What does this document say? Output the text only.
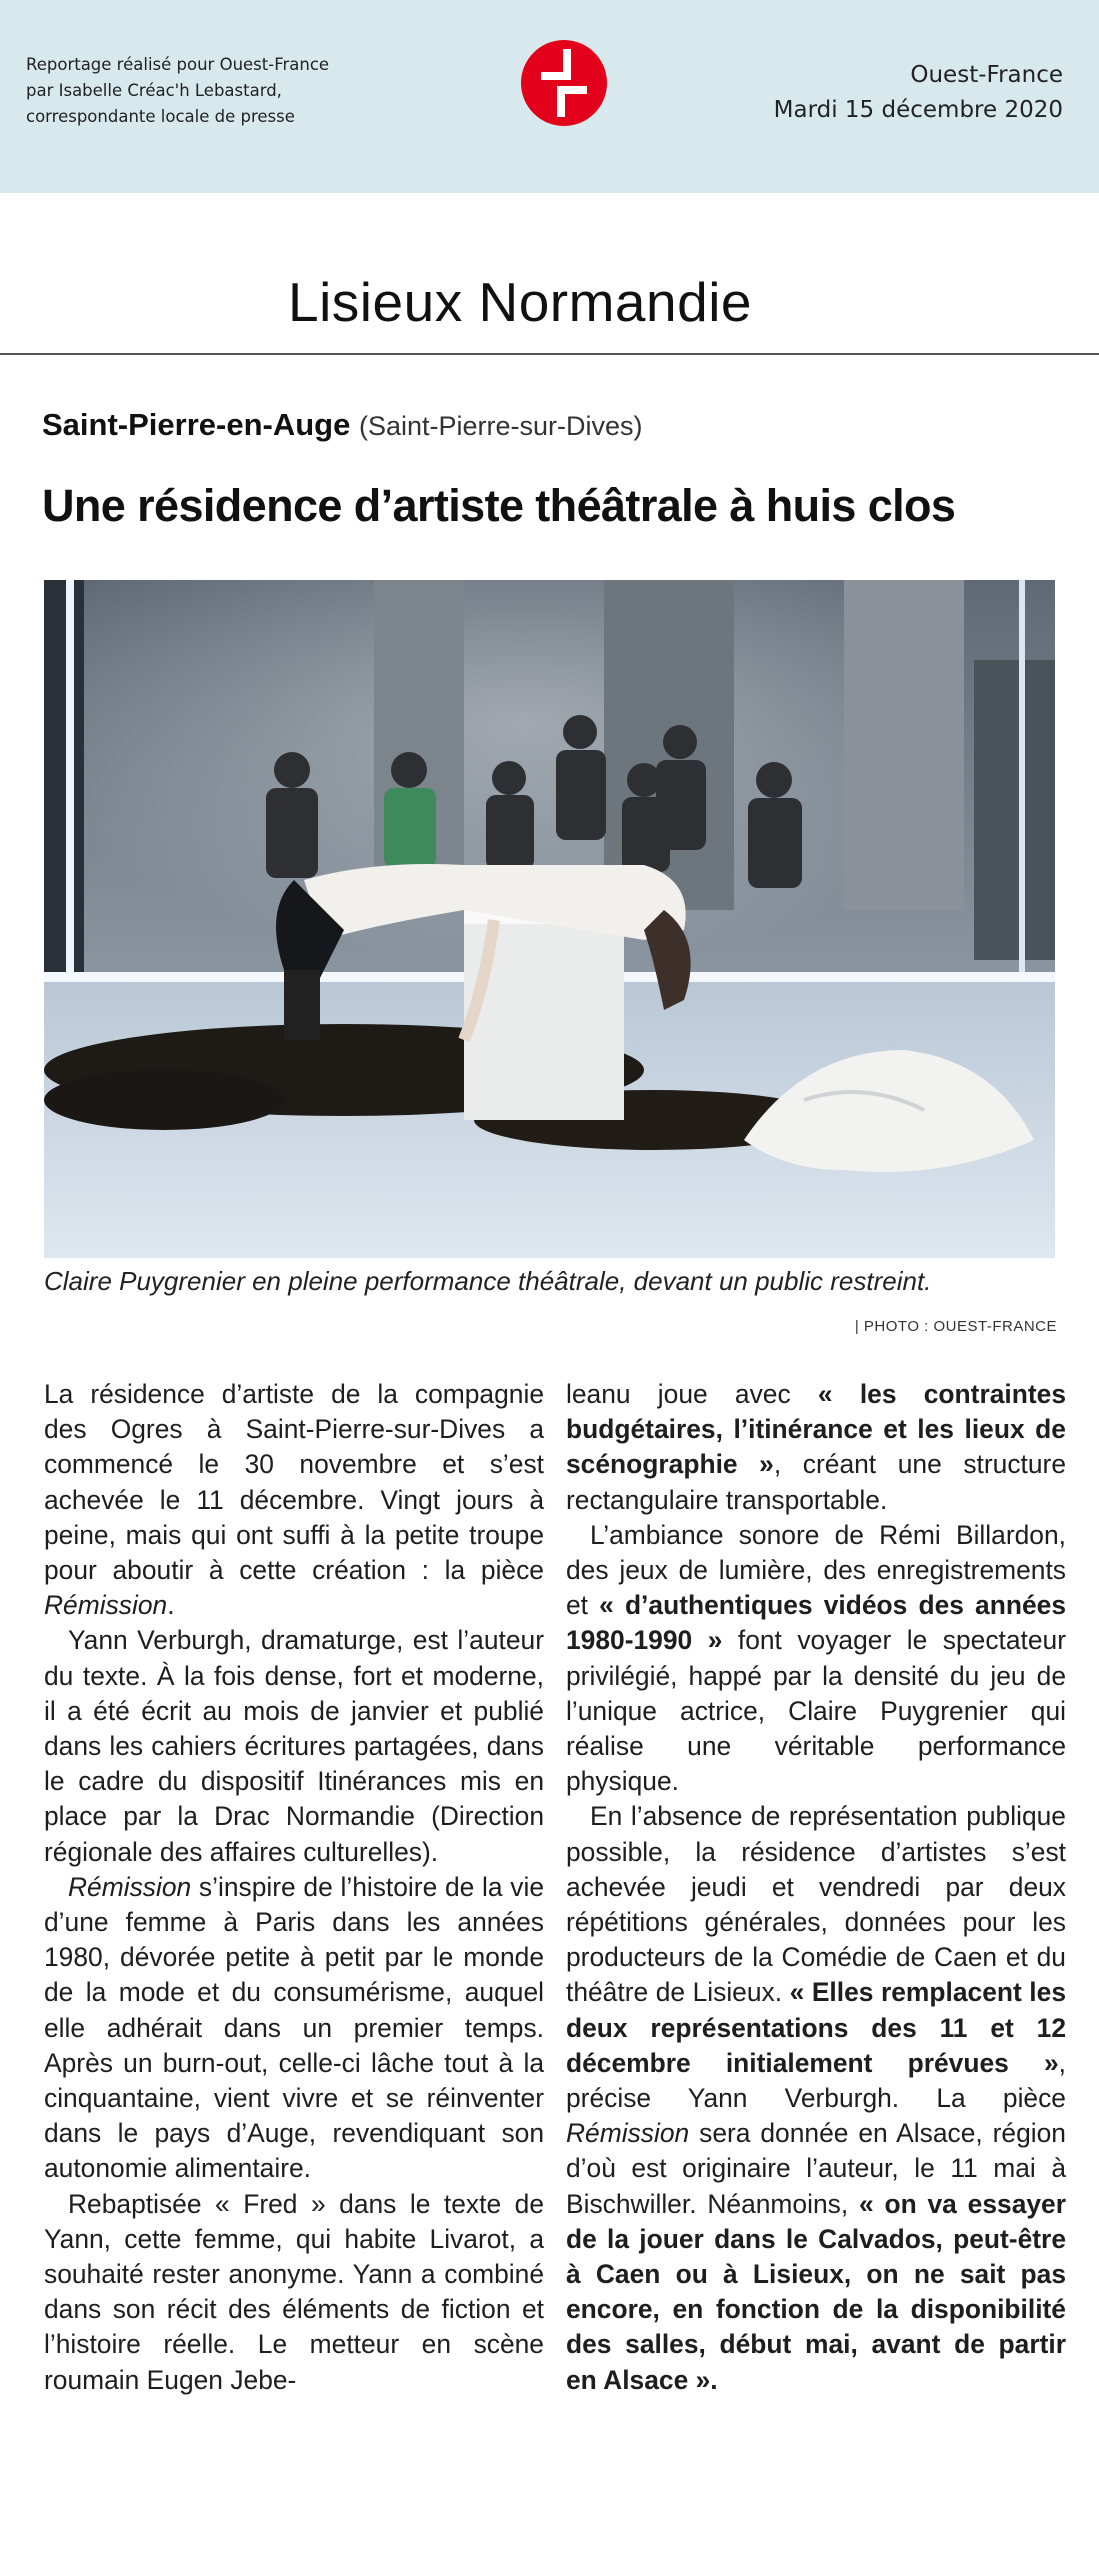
Reportage réalisé pour Ouest-France
par Isabelle Créac'h Lebastard,
correspondante locale de presse
Ouest-France
Mardi 15 décembre 2020
Lisieux Normandie
Saint-Pierre-en-Auge (Saint-Pierre-sur-Dives)
Une résidence d’artiste théâtrale à huis clos
Claire Puygrenier en pleine performance théâtrale, devant un public restreint.
| PHOTO : OUEST-FRANCE

La résidence d’artiste de la compagnie des Ogres à Saint-Pierre-sur-Dives a commencé le 30 novembre et s’est achevée le 11 décembre. Vingt jours à peine, mais qui ont suffi à la petite troupe pour aboutir à cette création : la pièce Rémission.

Yann Verburgh, dramaturge, est l’auteur du texte. À la fois dense, fort et moderne, il a été écrit au mois de janvier et publié dans les cahiers écritures partagées, dans le cadre du dispositif Itinérances mis en place par la Drac Normandie (Direction régionale des affaires culturelles).

Rémission s’inspire de l’histoire de la vie d’une femme à Paris dans les années 1980, dévorée petite à petit par le monde de la mode et du consumérisme, auquel elle adhérait dans un premier temps. Après un burn-out, celle-ci lâche tout à la cinquantaine, vient vivre et se réinventer dans le pays d’Auge, revendiquant son autonomie alimentaire.

Rebaptisée « Fred » dans le texte de Yann, cette femme, qui habite Livarot, a souhaité rester anonyme. Yann a combiné dans son récit des éléments de fiction et l’histoire réelle. Le metteur en scène roumain Eugen Jebe-

leanu joue avec « les contraintes budgétaires, l’itinérance et les lieux de scénographie », créant une structure rectangulaire transportable.

L’ambiance sonore de Rémi Billardon, des jeux de lumière, des enregistrements et « d’authentiques vidéos des années 1980-1990 » font voyager le spectateur privilégié, happé par la densité du jeu de l’unique actrice, Claire Puygrenier qui réalise une véritable performance physique.

En l’absence de représentation publique possible, la résidence d’artistes s’est achevée jeudi et vendredi par deux répétitions générales, données pour les producteurs de la Comédie de Caen et du théâtre de Lisieux. « Elles remplacent les deux représentations des 11 et 12 décembre initialement prévues », précise Yann Verburgh. La pièce Rémission sera donnée en Alsace, région d’où est originaire l’auteur, le 11 mai à Bischwiller. Néanmoins, « on va essayer de la jouer dans le Calvados, peut-être à Caen ou à Lisieux, on ne sait pas encore, en fonction de la disponibilité des salles, début mai, avant de partir en Alsace ».
